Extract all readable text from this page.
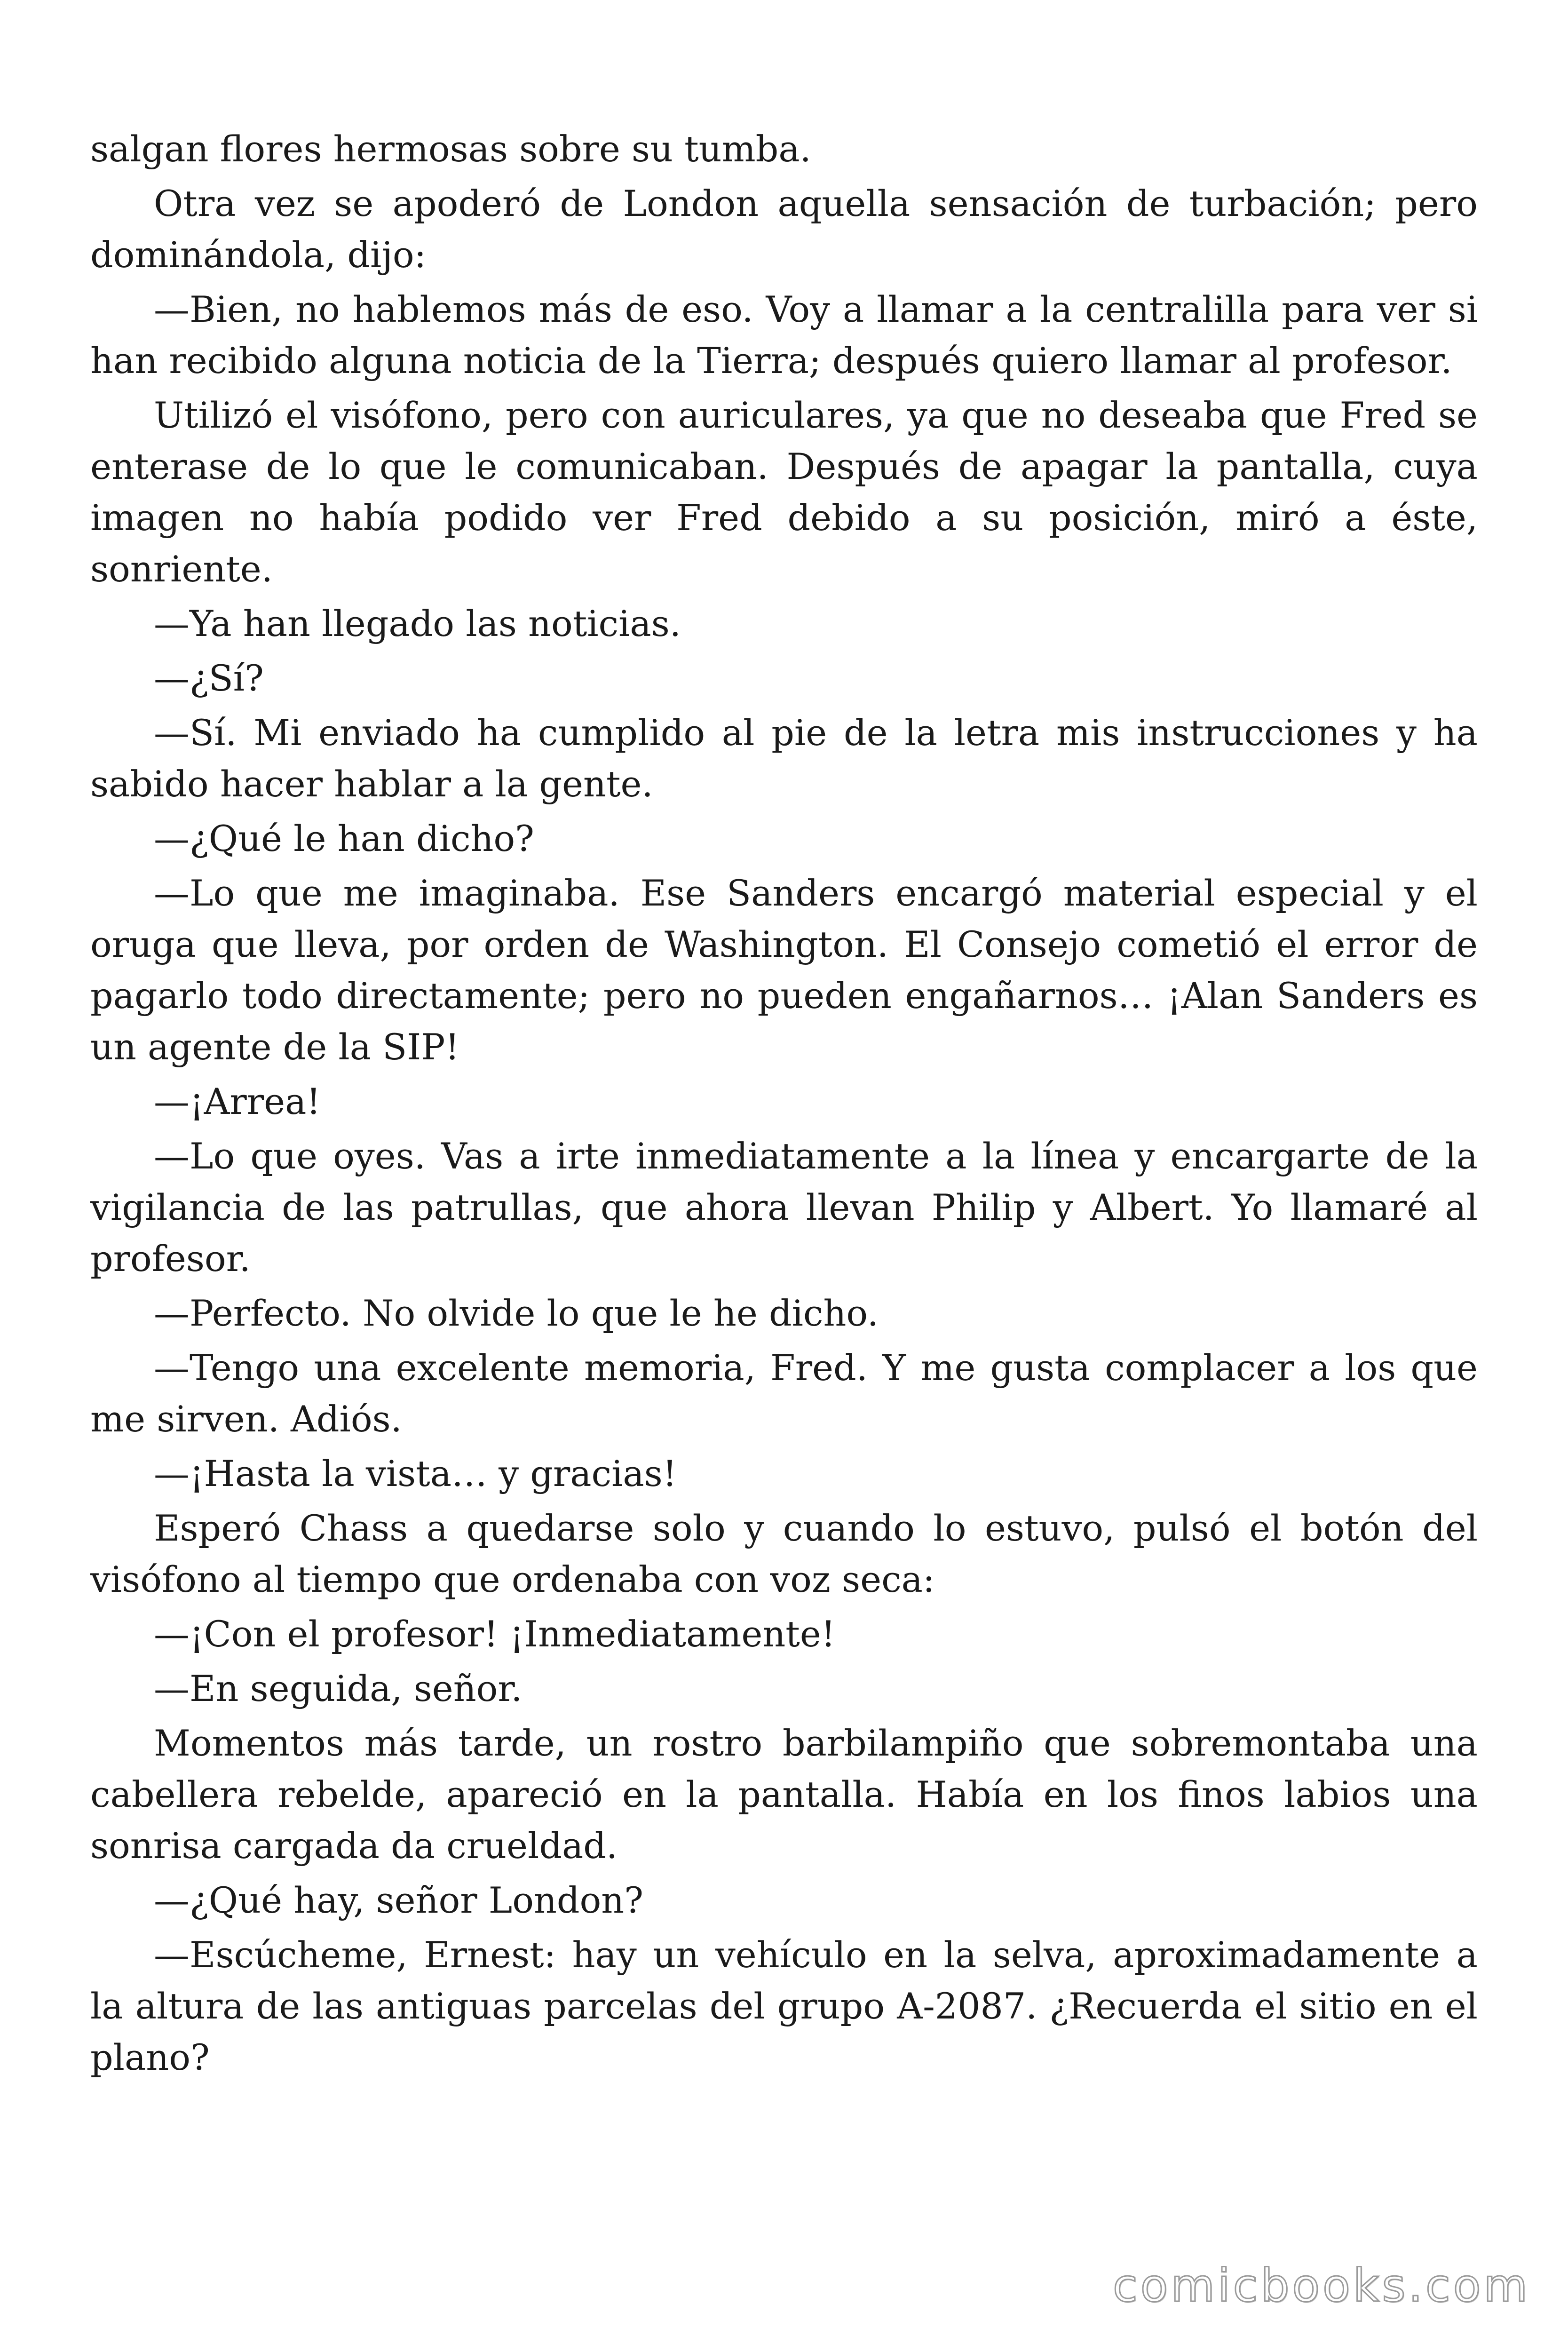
salgan flores hermosas sobre su tumba.

Otra vez se apoderó de London aquella sensación de turbación; pero dominándola, dijo:

—Bien, no hablemos más de eso. Voy a llamar a la centralilla para ver si han recibido alguna noticia de la Tierra; después quiero llamar al profesor.

Utilizó el visófono, pero con auriculares, ya que no deseaba que Fred se enterase de lo que le comunicaban. Después de apagar la pantalla, cuya imagen no había podido ver Fred debido a su posición, miró a éste, sonriente.

—Ya han llegado las noticias.

—¿Sí?

—Sí. Mi enviado ha cumplido al pie de la letra mis instrucciones y ha sabido hacer hablar a la gente.

—¿Qué le han dicho?

—Lo que me imaginaba. Ese Sanders encargó material especial y el oruga que lleva, por orden de Washington. El Consejo cometió el error de pagarlo todo directamente; pero no pueden engañarnos… ¡Alan Sanders es un agente de la SIP!

—¡Arrea!

—Lo que oyes. Vas a irte inmediatamente a la línea y encargarte de la vigilancia de las patrullas, que ahora llevan Philip y Albert. Yo llamaré al profesor.

—Perfecto. No olvide lo que le he dicho.

—Tengo una excelente memoria, Fred. Y me gusta complacer a los que me sirven. Adiós.

—¡Hasta la vista… y gracias!

Esperó Chass a quedarse solo y cuando lo estuvo, pulsó el botón del visófono al tiempo que ordenaba con voz seca:

—¡Con el profesor! ¡Inmediatamente!

—En seguida, señor.

Momentos más tarde, un rostro barbilampiño que sobremontaba una cabellera rebelde, apareció en la pantalla. Había en los finos labios una sonrisa cargada da crueldad.

—¿Qué hay, señor London?

—Escúcheme, Ernest: hay un vehículo en la selva, aproximadamente a la altura de las antiguas parcelas del grupo A-2087. ¿Recuerda el sitio en el plano?

comicbooks.com
